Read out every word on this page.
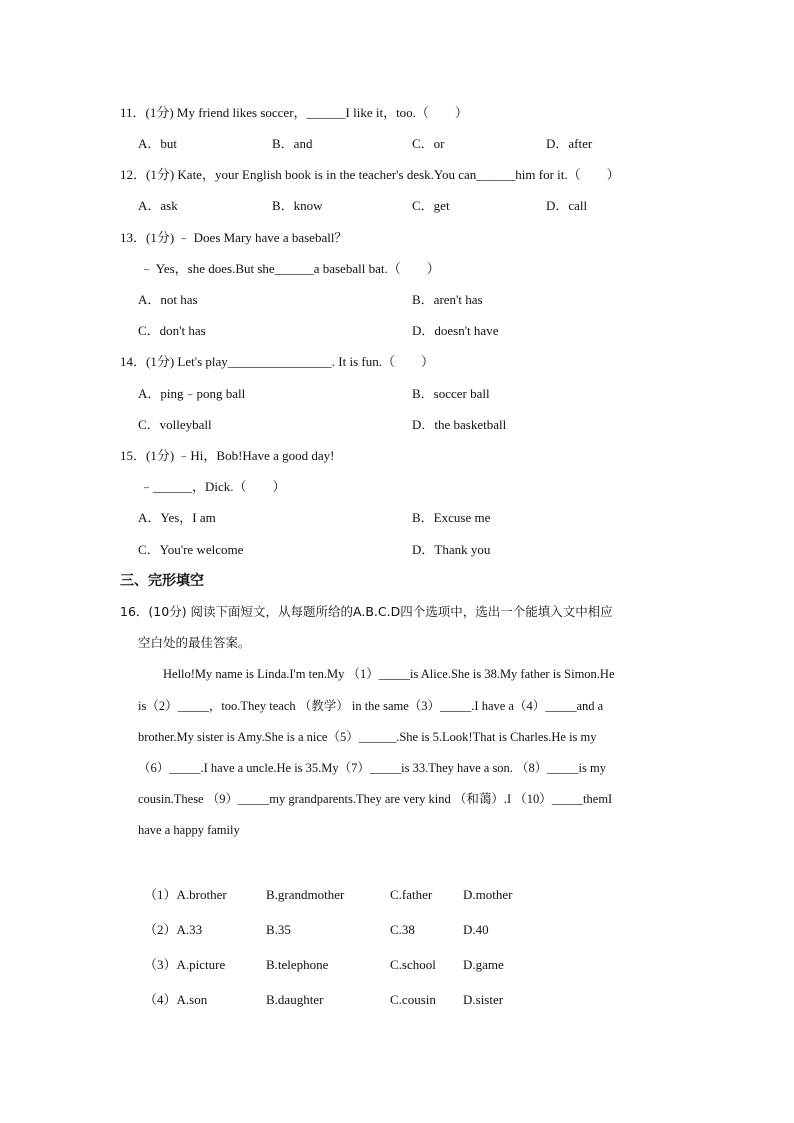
11．(1分) My friend likes soccer，______I like it，too.（　　）
A．but	B．and	C．or	D．after
12．(1分) Kate，your English book is in the teacher's desk.You can______him for it.（　　）
A．ask	B．know	C．get	D．call
13．(1分) ﹣ Does Mary have a baseball？
﹣ Yes，she does.But she______a baseball bat.（　　）
A．not has	B．aren't has
C．don't has	D．doesn't have
14．(1分) Let's play________________. It is fun.（　　）
A．ping﹣pong ball	B．soccer ball
C．volleyball	D．the basketball
15．(1分) ﹣Hi，Bob!Have a good day!
﹣______，Dick.（　　）
A．Yes，I am	B．Excuse me
C．You're welcome	D．Thank you
三、完形填空
16．(10分) 阅读下面短文，从每题所给的A.B.C.D四个选项中，选出一个能填入文中相应
空白处的最佳答案。
　　Hello!My name is Linda.I'm ten.My （1）_____is Alice.She is 38.My father is Simon.He
is（2）_____，too.They teach （教学） in the same（3）_____.I have a（4）_____and a
brother.My sister is Amy.She is a nice（5）______.She is 5.Look!That is Charles.He is my
（6）_____.I have a uncle.He is 35.My（7）_____is 33.They have a son. （8）_____is my
cousin.These （9）_____my grandparents.They are very kind （和蔼）.I （10）_____themI
have a happy family
（1）A.brother	B.grandmother	C.father D.mother
（2）A.33	B.35	C.38	D.40
（3）A.picture	B.telephone	C.school D.game
（4）A.son	B.daughter	C.cousin D.sister
